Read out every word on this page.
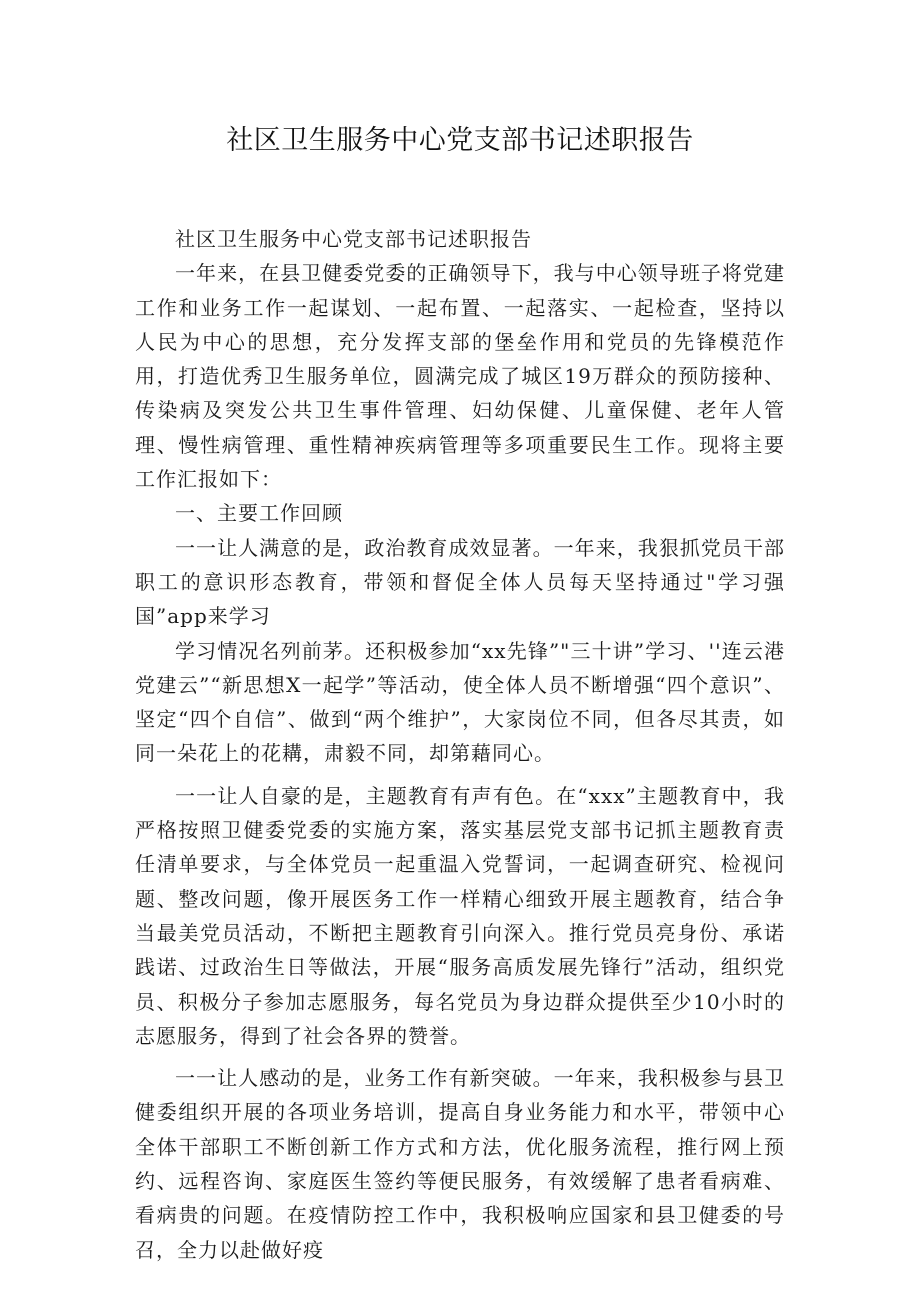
社区卫生服务中心党支部书记述职报告

社区卫生服务中心党支部书记述职报告

一年来，在县卫健委党委的正确领导下，我与中心领导班子将党建工作和业务工作一起谋划、一起布置、一起落实、一起检查，坚持以人民为中心的思想，充分发挥支部的堡垒作用和党员的先锋模范作用，打造优秀卫生服务单位，圆满完成了城区19万群众的预防接种、传染病及突发公共卫生事件管理、妇幼保健、儿童保健、老年人管理、慢性病管理、重性精神疾病管理等多项重要民生工作。现将主要工作汇报如下：

一、主要工作回顾

一一让人满意的是，政治教育成效显著。一年来，我狠抓党员干部职工的意识形态教育，带领和督促全体人员每天坚持通过"学习强国”app来学习

学习情况名列前茅。还积极参加“xx先锋”"三十讲”学习、''连云港党建云”“新思想X一起学”等活动，使全体人员不断增强“四个意识”、坚定“四个自信”、做到“两个维护”，大家岗位不同，但各尽其责，如同一朵花上的花耩，肃毅不同，却第藉同心。

一一让人自豪的是，主题教育有声有色。在“xxx”主题教育中，我严格按照卫健委党委的实施方案，落实基层党支部书记抓主题教育责任清单要求，与全体党员一起重温入党誓词，一起调查研究、检视问题、整改问题，像开展医务工作一样精心细致开展主题教育，结合争当最美党员活动，不断把主题教育引向深入。推行党员亮身份、承诺践诺、过政治生日等做法，开展“服务高质发展先锋行”活动，组织党员、积极分子参加志愿服务，每名党员为身边群众提供至少10小时的志愿服务，得到了社会各界的赞誉。

一一让人感动的是，业务工作有新突破。一年来，我积极参与县卫健委组织开展的各项业务培训，提高自身业务能力和水平，带领中心全体干部职工不断创新工作方式和方法，优化服务流程，推行网上预约、远程咨询、家庭医生签约等便民服务，有效缓解了患者看病难、看病贵的问题。在疫情防控工作中，我积极响应国家和县卫健委的号召，全力以赴做好疫
